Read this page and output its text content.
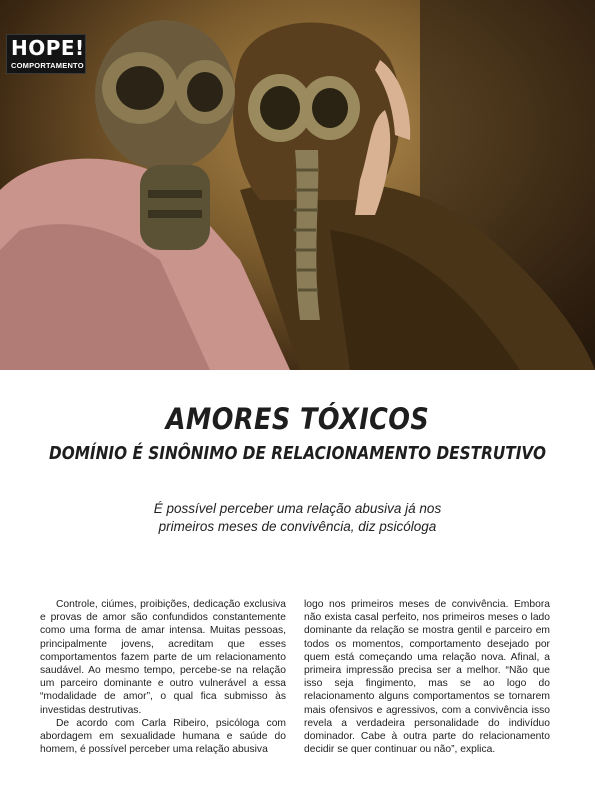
HOPE!
COMPORTAMENTO
AMORES TÓXICOS
DOMÍNIO É SINÔNIMO DE RELACIONAMENTO DESTRUTIVO
É possível perceber uma relação abusiva já nos
primeiros meses de convivência, diz psicóloga

Controle, ciúmes, proibições, dedicação exclusiva e provas de amor são confundidos constantemente como uma forma de amar intensa. Muitas pessoas, principalmente jovens, acreditam que esses comportamentos fazem parte de um relacionamento saudável. Ao mesmo tempo, percebe-se na relação um parceiro dominante e outro vulnerável a essa “modalidade de amor”, o qual fica submisso às investidas destrutivas.

De acordo com Carla Ribeiro, psicóloga com abordagem em sexualidade humana e saúde do homem, é possível perceber uma relação abusiva

logo nos primeiros meses de convivência. Embora não exista casal perfeito, nos primeiros meses o lado dominante da relação se mostra gentil e parceiro em todos os momentos, comportamento desejado por quem está começando uma relação nova. Afinal, a primeira impressão precisa ser a melhor. “Não que isso seja fingimento, mas se ao logo do relacionamento alguns comportamentos se tornarem mais ofensivos e agressivos, com a convivência isso revela a verdadeira personalidade do indivíduo dominador. Cabe à outra parte do relacionamento decidir se quer continuar ou não”, explica.
